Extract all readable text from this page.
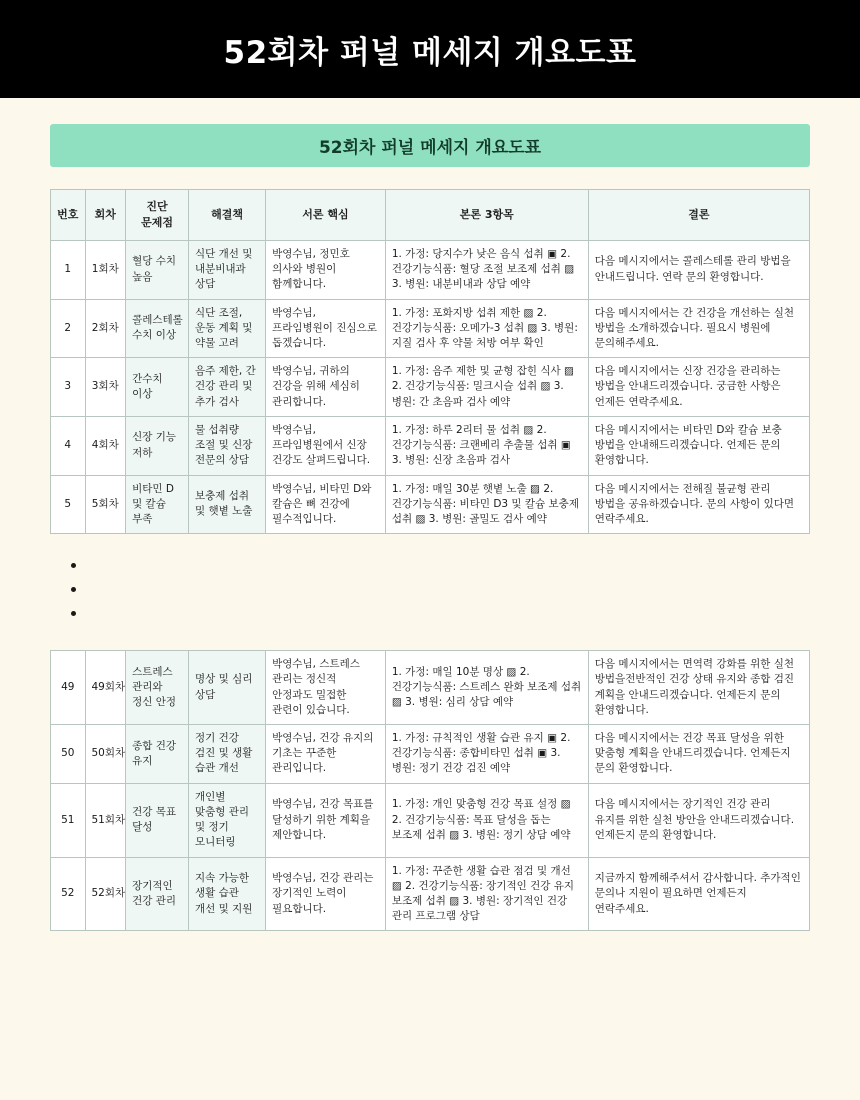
52회차 퍼널 메세지 개요도표
52회차 퍼널 메세지 개요도표
번호	회차	진단 문제점	해결책	서론 핵심	본론 3항목	결론
1	1회차	혈당 수치 높음	식단 개선 및 내분비내과 상담	박영수님, 정민호 의사와 병원이 함께합니다.	1. 가정: 당지수가 낮은 음식 섭취 ▣ 2. 건강기능식품: 혈당 조절 보조제 섭취 ▨ 3. 병원: 내분비내과 상담 예약	다음 메시지에서는 콜레스테롤 관리 방법을 안내드립니다. 연락 문의 환영합니다.
2	2회차	콜레스테롤 수치 이상	식단 조절, 운동 계획 및 약물 고려	박영수님, 프라임병원이 진심으로 돕겠습니다.	1. 가정: 포화지방 섭취 제한 ▨ 2. 건강기능식품: 오메가-3 섭취 ▨ 3. 병원: 지질 검사 후 약물 처방 여부 확인	다음 메시지에서는 간 건강을 개선하는 실천 방법을 소개하겠습니다. 필요시 병원에 문의해주세요.
3	3회차	간수치 이상	음주 제한, 간 건강 관리 및 추가 검사	박영수님, 귀하의 건강을 위해 세심히 관리합니다.	1. 가정: 음주 제한 및 균형 잡힌 식사 ▨ 2. 건강기능식품: 밀크시슬 섭취 ▨ 3. 병원: 간 초음파 검사 예약	다음 메시지에서는 신장 건강을 관리하는 방법을 안내드리겠습니다. 궁금한 사항은 언제든 연락주세요.
4	4회차	신장 기능 저하	물 섭취량 조절 및 신장 전문의 상담	박영수님, 프라임병원에서 신장 건강도 살펴드립니다.	1. 가정: 하루 2리터 물 섭취 ▨ 2. 건강기능식품: 크랜베리 추출물 섭취 ▣ 3. 병원: 신장 초음파 검사	다음 메시지에서는 비타민 D와 칼슘 보충 방법을 안내해드리겠습니다. 언제든 문의 환영합니다.
5	5회차	비타민 D 및 칼슘 부족	보충제 섭취 및 햇볕 노출	박영수님, 비타민 D와 칼슘은 뼈 건강에 필수적입니다.	1. 가정: 매일 30분 햇볕 노출 ▨ 2. 건강기능식품: 비타민 D3 및 칼슘 보충제 섭취 ▨ 3. 병원: 골밀도 검사 예약	다음 메시지에서는 전해질 불균형 관리 방법을 공유하겠습니다. 문의 사항이 있다면 연락주세요.
•
•
•
49	49회차	스트레스 관리와 정신 안정	명상 및 심리 상담	박영수님, 스트레스 관리는 정신적 안정과도 밀접한 관련이 있습니다.	1. 가정: 매일 10분 명상 ▨ 2. 건강기능식품: 스트레스 완화 보조제 섭취 ▨ 3. 병원: 심리 상담 예약	다음 메시지에서는 면역력 강화를 위한 실천 방법을전반적인 건강 상태 유지와 종합 검진 계획을 안내드리겠습니다. 언제든지 문의 환영합니다.
50	50회차	종합 건강 유지	정기 건강 검진 및 생활 습관 개선	박영수님, 건강 유지의 기초는 꾸준한 관리입니다.	1. 가정: 규칙적인 생활 습관 유지 ▣ 2. 건강기능식품: 종합비타민 섭취 ▣ 3. 병원: 정기 건강 검진 예약	다음 메시지에서는 건강 목표 달성을 위한 맞춤형 계획을 안내드리겠습니다. 언제든지 문의 환영합니다.
51	51회차	건강 목표 달성	개인별 맞춤형 관리 및 정기 모니터링	박영수님, 건강 목표를 달성하기 위한 계획을 제안합니다.	1. 가정: 개인 맞춤형 건강 목표 설정 ▨ 2. 건강기능식품: 목표 달성을 돕는 보조제 섭취 ▨ 3. 병원: 정기 상담 예약	다음 메시지에서는 장기적인 건강 관리 유지를 위한 실천 방안을 안내드리겠습니다. 언제든지 문의 환영합니다.
52	52회차	장기적인 건강 관리	지속 가능한 생활 습관 개선 및 지원	박영수님, 건강 관리는 장기적인 노력이 필요합니다.	1. 가정: 꾸준한 생활 습관 점검 및 개선 ▨ 2. 건강기능식품: 장기적인 건강 유지 보조제 섭취 ▨ 3. 병원: 장기적인 건강 관리 프로그램 상담	지금까지 함께해주셔서 감사합니다. 추가적인 문의나 지원이 필요하면 언제든지 연락주세요.
